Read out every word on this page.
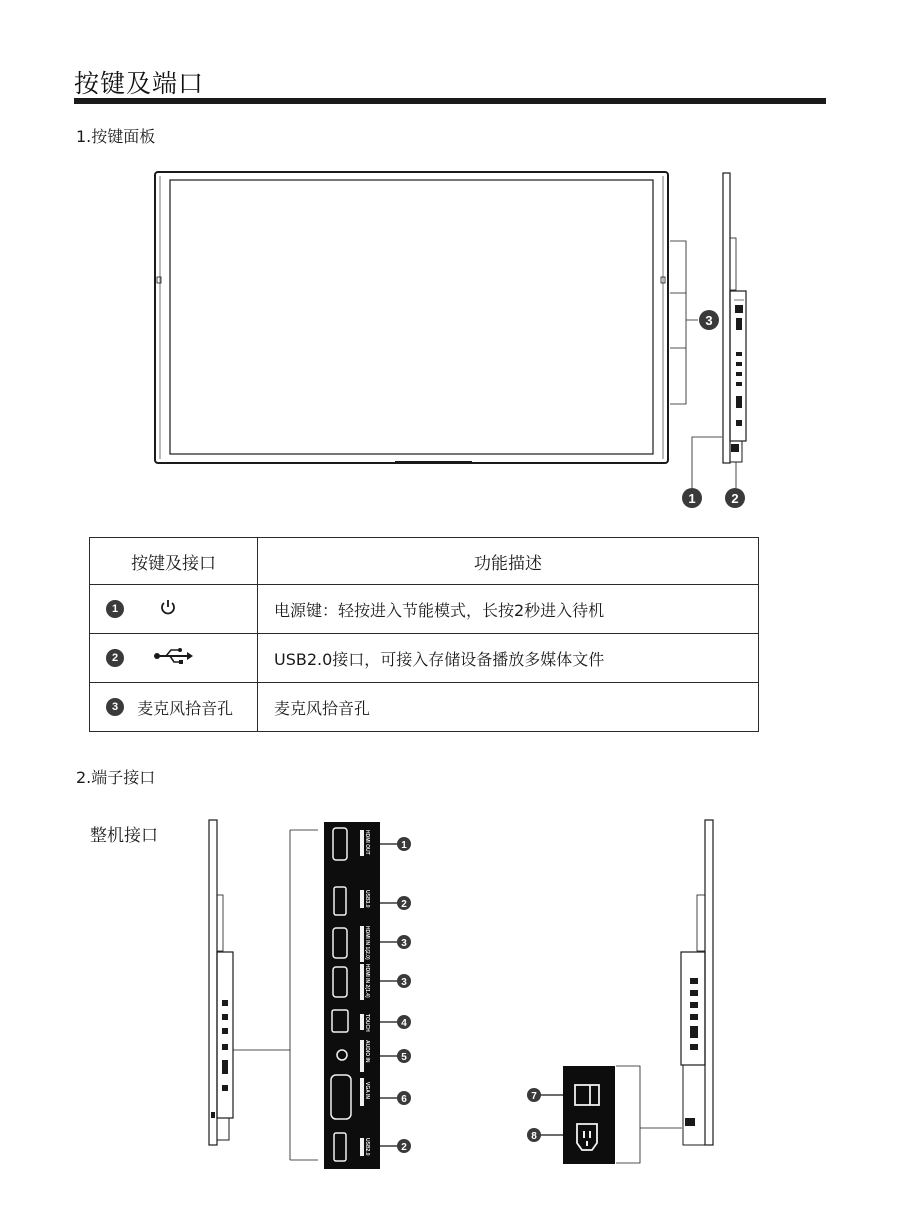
按键及端口
1.按键面板
2.端子接口
整机接口
3
1	2
1
2
3
3
4
5
6
2
7
8
HDMI OUT
USB3.0
HDMI IN 1(2.0)
HDMI IN 2(1.4)
TOUCH
AUDIO IN
VGA IN
USB2.0
按键及接口	功能描述
1	电源键：轻按进入节能模式，长按2秒进入待机
2	USB2.0接口，可接入存储设备播放多媒体文件
3 麦克风拾音孔	麦克风拾音孔
